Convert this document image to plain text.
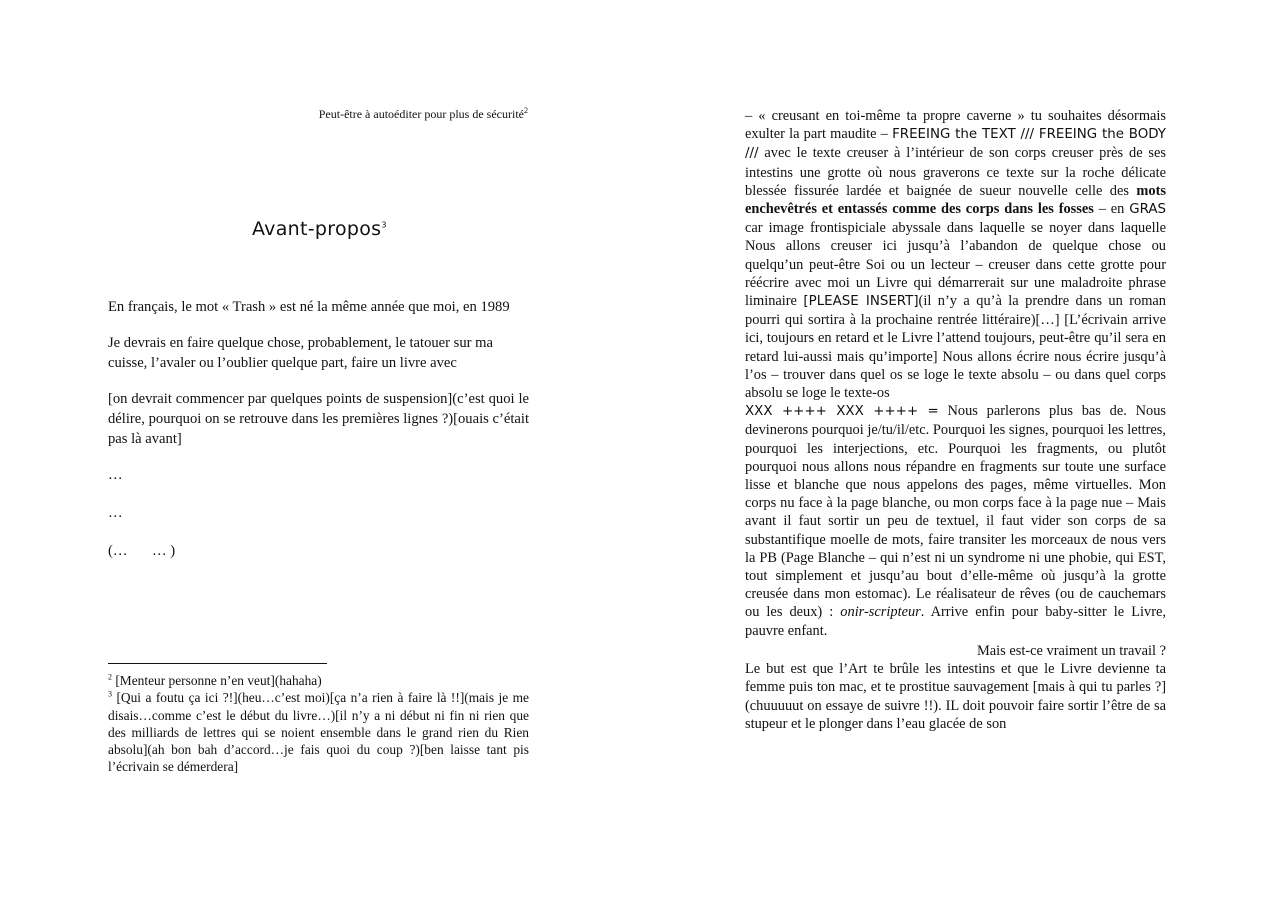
Peut-être à autoéditer pour plus de sécurité$^2$
Avant-propos$^3$

En français, le mot « Trash » est né la même année que moi, en 1989

Je devrais en faire quelque chose, probablement, le tatouer sur ma cuisse, l’avaler ou l’oublier quelque part, faire un livre avec

[on devrait commencer par quelques points de suspension](c’est quoi le délire, pourquoi on se retrouve dans les premières lignes ?)[ouais c’était pas là avant]

…

…

(… … )

$^2$ [Menteur personne n’en veut](hahaha)

$^3$ [Qui a foutu ça ici ?!](heu…c’est moi)[ça n’a rien à faire là !!](mais je me disais…comme c’est le début du livre…)[il n’y a ni début ni fin ni rien que des milliards de lettres qui se noient ensemble dans le grand rien du Rien absolu](ah bon bah d’accord…je fais quoi du coup ?)[ben laisse tant pis l’écrivain se démerdera]

– « creusant en toi-même ta propre caverne » tu souhaites désormais exulter la part maudite – FREEING the TEXT /// FREEING the BODY /// avec le texte creuser à l’intérieur de son corps creuser près de ses intestins une grotte où nous graverons ce texte sur la roche délicate blessée fissurée lardée et baignée de sueur nouvelle celle des mots enchevêtrés et entassés comme des corps dans les fosses – en GRAS car image frontispiciale abyssale dans laquelle se noyer dans laquelle Nous allons creuser ici jusqu’à l’abandon de quelque chose ou quelqu’un peut-être Soi ou un lecteur – creuser dans cette grotte pour réécrire avec moi un Livre qui démarrerait sur une maladroite phrase liminaire [PLEASE INSERT](il n’y a qu’à la prendre dans un roman pourri qui sortira à la prochaine rentrée littéraire)[…] [L’écrivain arrive ici, toujours en retard et le Livre l’attend toujours, peut-être qu’il sera en retard lui-aussi mais qu’importe] Nous allons écrire nous écrire jusqu’à l’os – trouver dans quel os se loge le texte absolu – ou dans quel corps absolu se loge le texte-os

XXX ++++ XXX ++++ = Nous parlerons plus bas de. Nous devinerons pourquoi je/tu/il/etc. Pourquoi les signes, pourquoi les lettres, pourquoi les interjections, etc. Pourquoi les fragments, ou plutôt pourquoi nous allons nous répandre en fragments sur toute une surface lisse et blanche que nous appelons des pages, même virtuelles. Mon corps nu face à la page blanche, ou mon corps face à la page nue – Mais avant il faut sortir un peu de textuel, il faut vider son corps de sa substantifique moelle de mots, faire transiter les morceaux de nous vers la PB (Page Blanche – qui n’est ni un syndrome ni une phobie, qui EST, tout simplement et jusqu’au bout d’elle-même où jusqu’à la grotte creusée dans mon estomac). Le réalisateur de rêves (ou de cauchemars ou les deux) : onir-scripteur. Arrive enfin pour baby-sitter le Livre, pauvre enfant.

Mais est-ce vraiment un travail ?

Le but est que l’Art te brûle les intestins et que le Livre devienne ta femme puis ton mac, et te prostitue sauvagement [mais à qui tu parles ?](chuuuuut on essaye de suivre !!). IL doit pouvoir faire sortir l’être de sa stupeur et le plonger dans l’eau glacée de son
